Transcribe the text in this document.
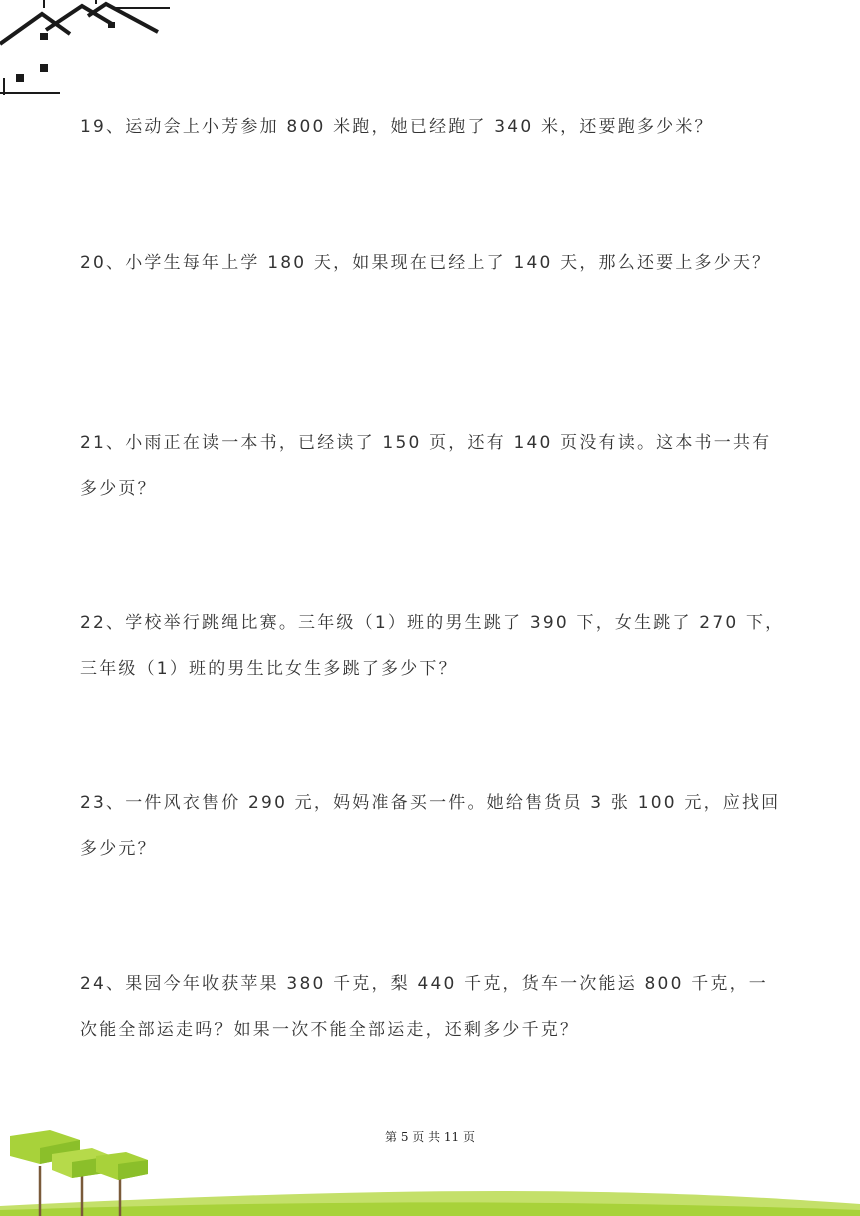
19、运动会上小芳参加 800 米跑，她已经跑了 340 米，还要跑多少米？
20、小学生每年上学 180 天，如果现在已经上了 140 天，那么还要上多少天？
21、小雨正在读一本书，已经读了 150 页，还有 140 页没有读。这本书一共有多少页？
22、学校举行跳绳比赛。三年级（1）班的男生跳了 390 下，女生跳了 270 下，三年级（1）班的男生比女生多跳了多少下？
23、一件风衣售价 290 元，妈妈准备买一件。她给售货员 3 张 100 元，应找回多少元？
24、果园今年收获苹果 380 千克，梨 440 千克，货车一次能运 800 千克，一次能全部运走吗？如果一次不能全部运走，还剩多少千克？
第 5 页 共 11 页
